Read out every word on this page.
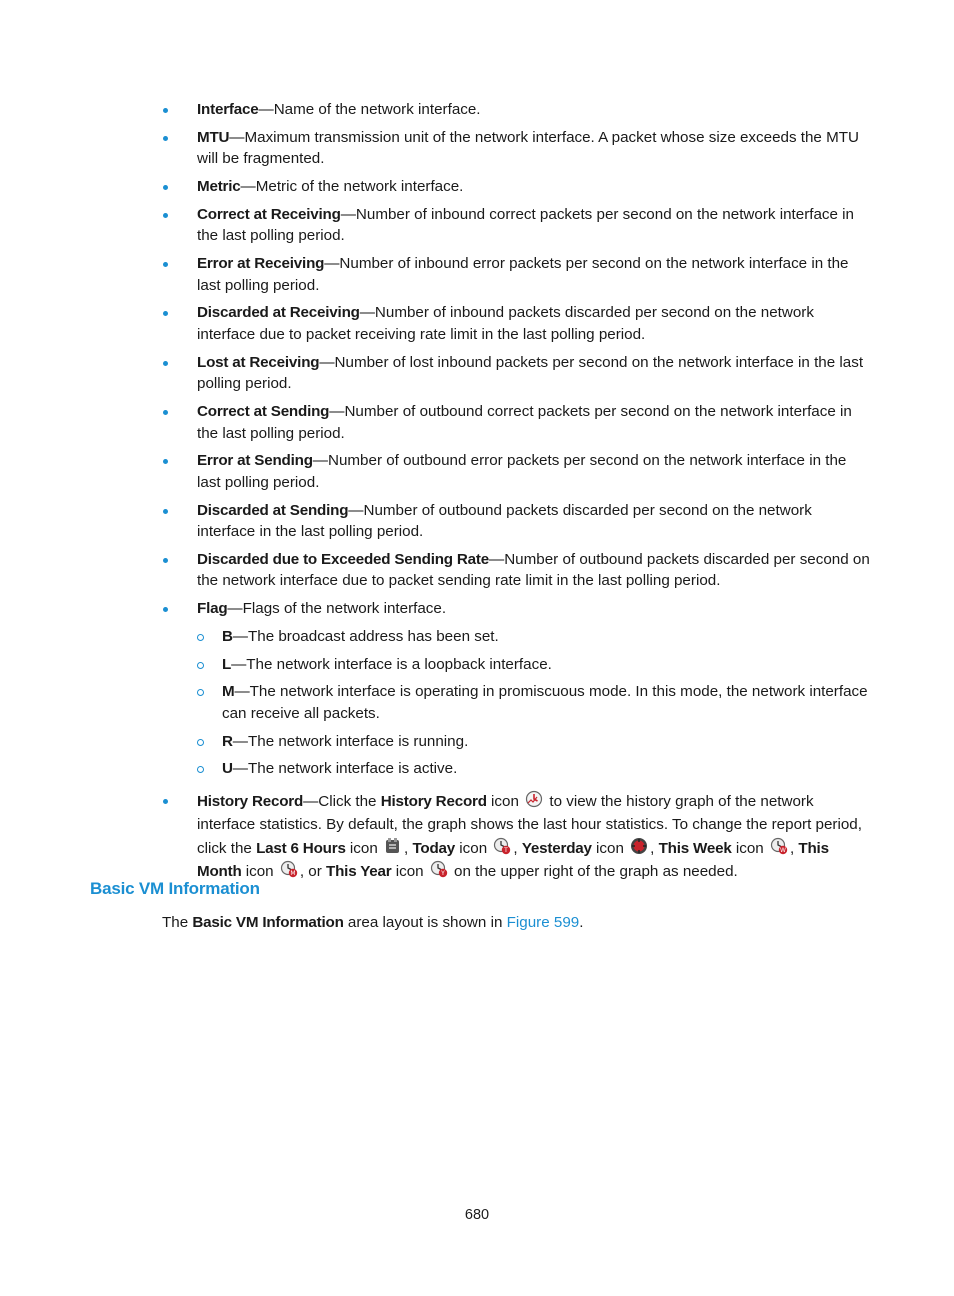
Interface—Name of the network interface.
MTU—Maximum transmission unit of the network interface. A packet whose size exceeds the MTU will be fragmented.
Metric—Metric of the network interface.
Correct at Receiving—Number of inbound correct packets per second on the network interface in the last polling period.
Error at Receiving—Number of inbound error packets per second on the network interface in the last polling period.
Discarded at Receiving—Number of inbound packets discarded per second on the network interface due to packet receiving rate limit in the last polling period.
Lost at Receiving—Number of lost inbound packets per second on the network interface in the last polling period.
Correct at Sending—Number of outbound correct packets per second on the network interface in the last polling period.
Error at Sending—Number of outbound error packets per second on the network interface in the last polling period.
Discarded at Sending—Number of outbound packets discarded per second on the network interface in the last polling period.
Discarded due to Exceeded Sending Rate—Number of outbound packets discarded per second on the network interface due to packet sending rate limit in the last polling period.
Flag—Flags of the network interface.
B—The broadcast address has been set.
L—The network interface is a loopback interface.
M—The network interface is operating in promiscuous mode. In this mode, the network interface can receive all packets.
R—The network interface is running.
U—The network interface is active.
History Record—Click the History Record icon
to view the history graph of the network interface statistics. By default, the graph shows the last hour statistics. To change the report period, click the Last 6 Hours icon
, Today icon T , Yesterday icon
, This Week icon W , This Month icon M , or This Year icon Y on the upper right of the graph as needed.
Basic VM Information

The Basic VM Information area layout is shown in Figure 599.

680
